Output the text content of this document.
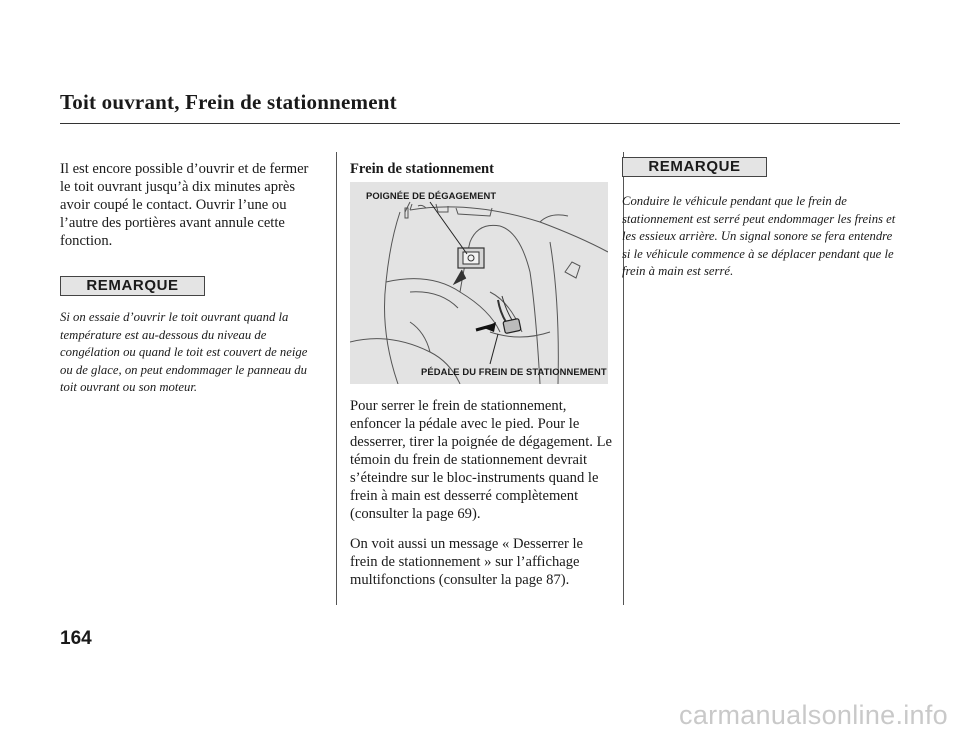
Toit ouvrant, Frein de stationnement

Il est encore possible d’ouvrir et de fermer le toit ouvrant jusqu’à dix minutes après avoir coupé le contact. Ouvrir l’une ou l’autre des portières avant annule cette fonction.

REMARQUE

Si on essaie d’ouvrir le toit ouvrant quand la température est au-dessous du niveau de congélation ou quand le toit est couvert de neige ou de glace, on peut endommager le panneau du toit ouvrant ou son moteur.

Frein de stationnement
POIGNÉE DE DÉGAGEMENT
PÉDALE DU FREIN DE STATIONNEMENT

Pour serrer le frein de stationnement, enfoncer la pédale avec le pied. Pour le desserrer, tirer la poignée de dégagement. Le témoin du frein de stationnement devrait s’éteindre sur le bloc-instruments quand le frein à main est desserré complètement (consulter la page 69).

On voit aussi un message « Desserrer le frein de stationnement » sur l’affichage multifonctions (consulter la page 87).

REMARQUE

Conduire le véhicule pendant que le frein de stationnement est serré peut endommager les freins et les essieux arrière. Un signal sonore se fera entendre si le véhicule commence à se déplacer pendant que le frein à main est serré.

164

carmanualsonline.info
